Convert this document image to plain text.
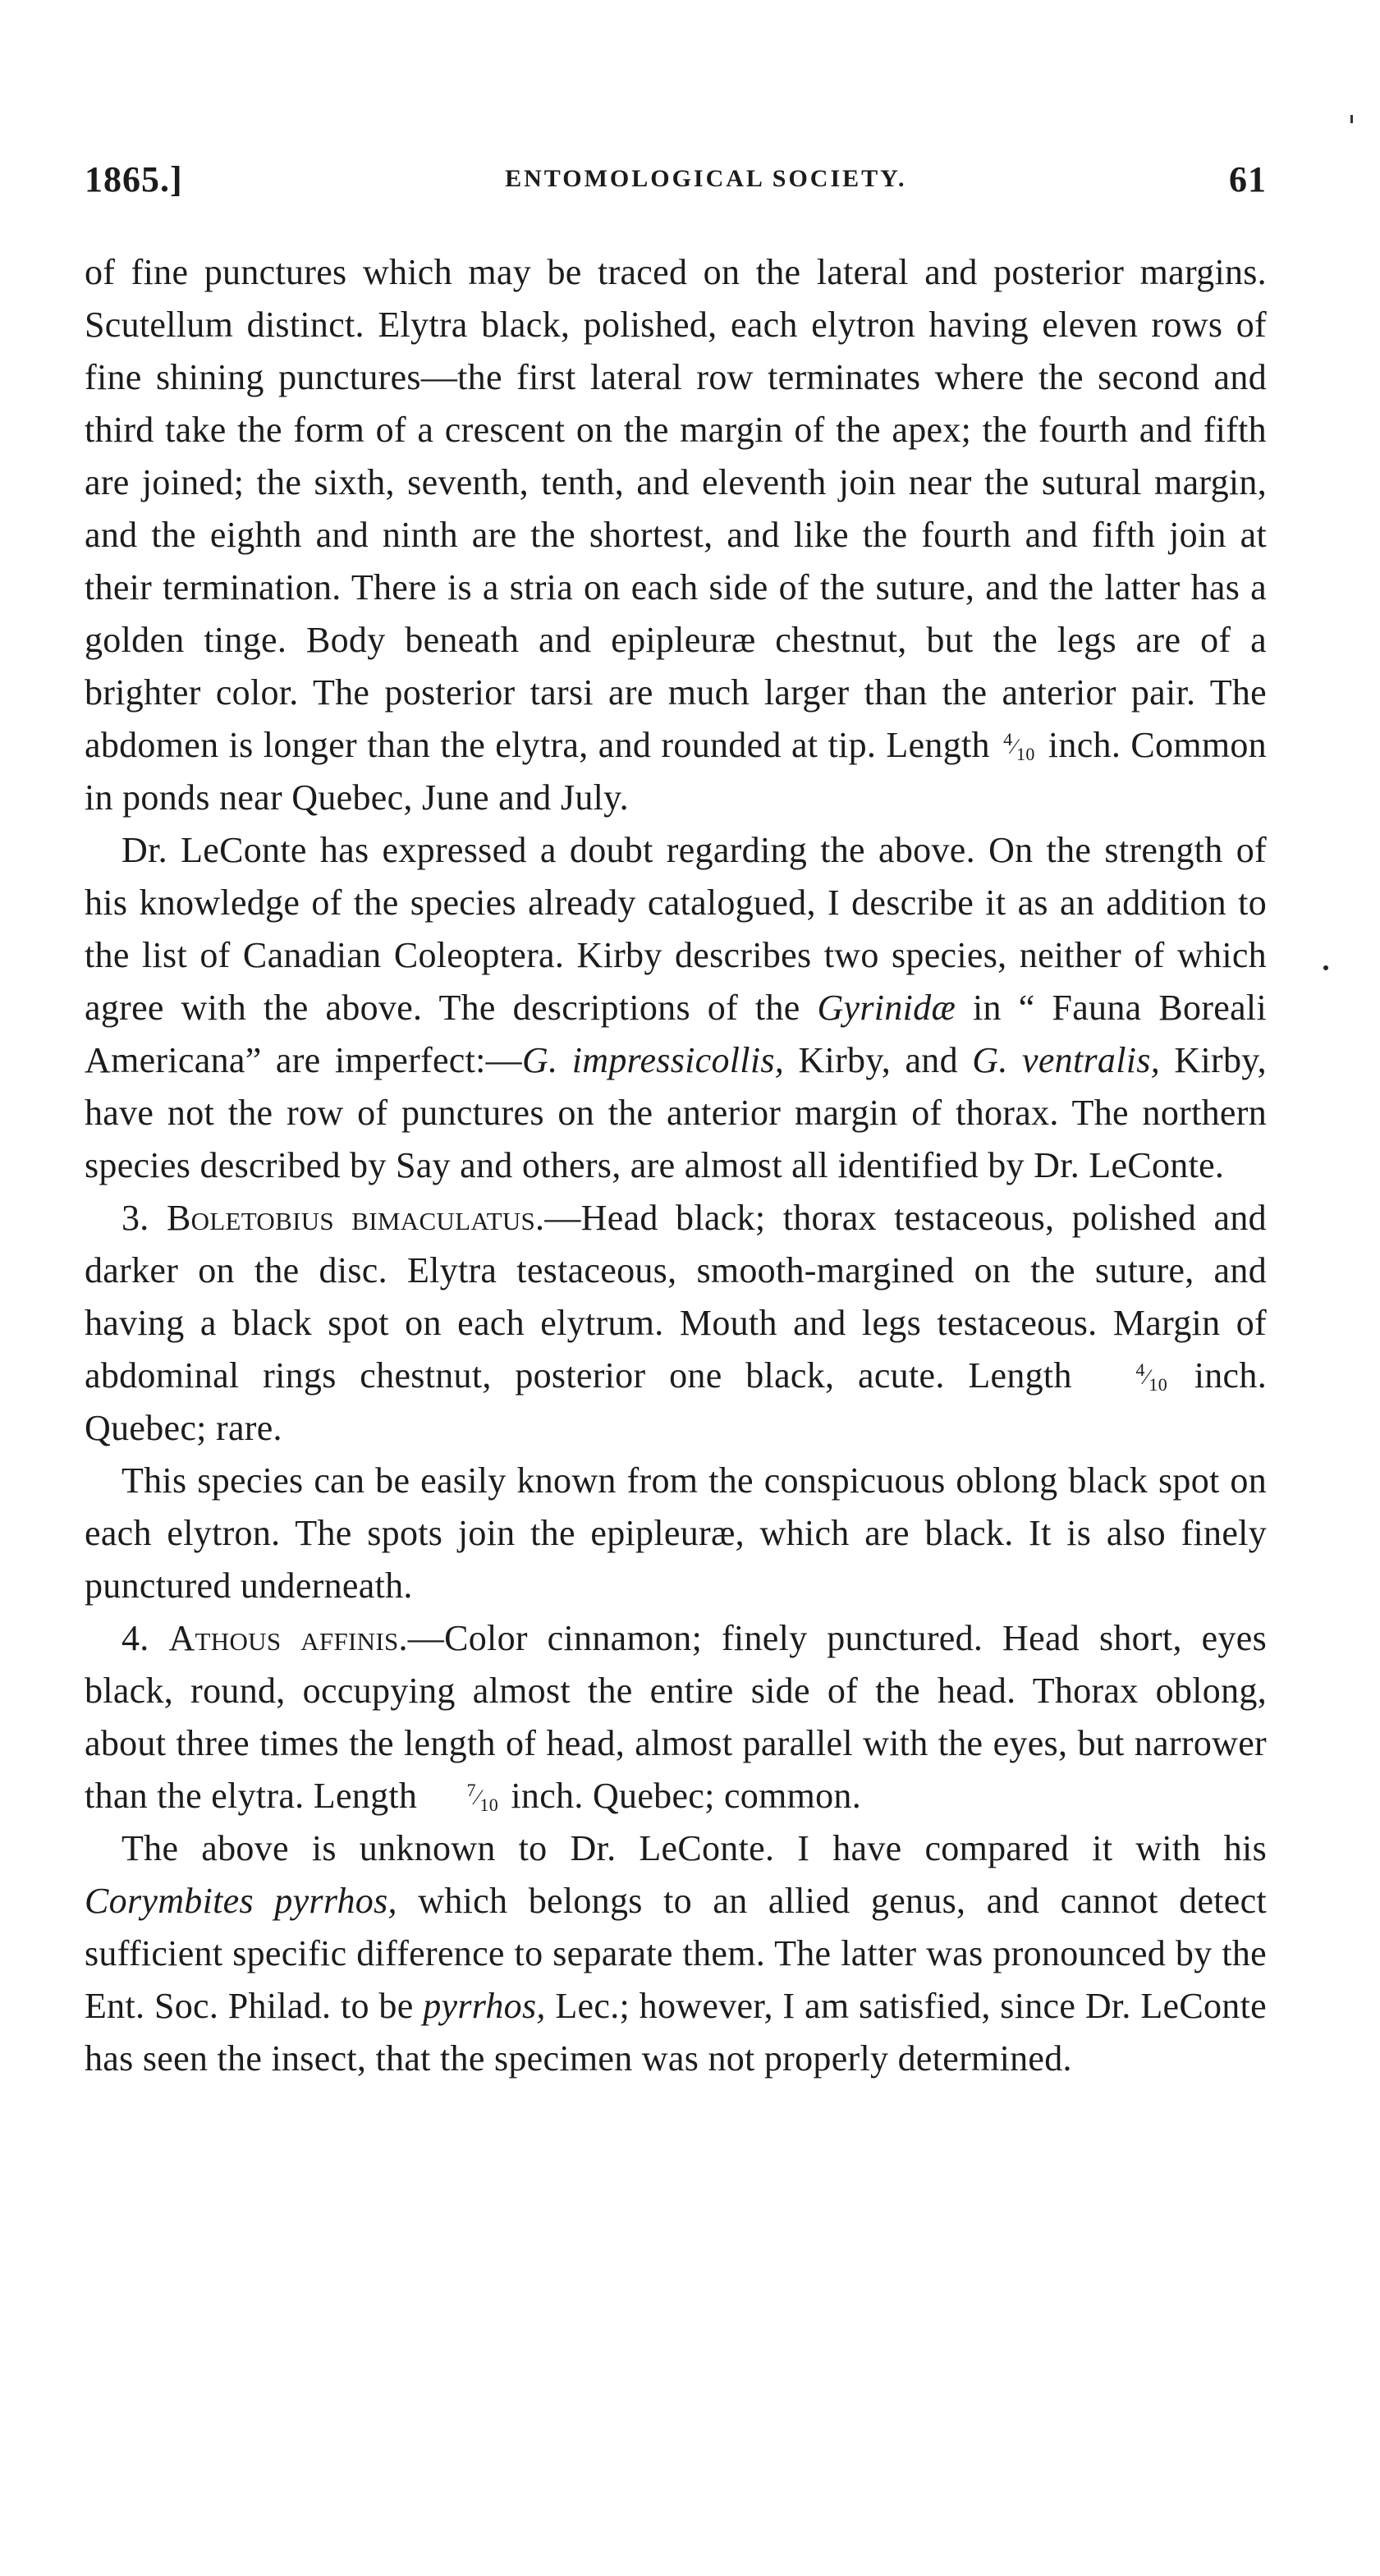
1865.]	ENTOMOLOGICAL SOCIETY.	61

of fine punctures which may be traced on the lateral and posterior margins. Scutellum distinct. Elytra black, polished, each elytron having eleven rows of fine shining punctures—the first lateral row terminates where the second and third take the form of a crescent on the margin of the apex; the fourth and fifth are joined; the sixth, seventh, tenth, and eleventh join near the sutural margin, and the eighth and ninth are the shortest, and like the fourth and fifth join at their termination. There is a stria on each side of the suture, and the latter has a golden tinge. Body beneath and epipleuræ chestnut, but the legs are of a brighter color. The posterior tarsi are much larger than the anterior pair. The abdomen is longer than the elytra, and rounded at tip. Length $^4⁄_{10}$ inch. Common in ponds near Quebec, June and July.

Dr. LeConte has expressed a doubt regarding the above. On the strength of his knowledge of the species already catalogued, I describe it as an addition to the list of Canadian Coleoptera. Kirby describes two species, neither of which agree with the above. The descriptions of the Gyrinidæ in “ Fauna Boreali Americana” are imperfect:—G. impressicollis, Kirby, and G. ventralis, Kirby, have not the row of punctures on the anterior margin of thorax. The northern species described by Say and others, are almost all identified by Dr. LeConte.

3. Boletobius bimaculatus.—Head black; thorax testaceous, polished and darker on the disc. Elytra testaceous, smooth-margined on the suture, and having a black spot on each elytrum. Mouth and legs testaceous. Margin of abdominal rings chestnut, posterior one black, acute. Length	$^4⁄_{10}$ inch. Quebec; rare.

This species can be easily known from the conspicuous oblong black spot on each elytron. The spots join the epipleuræ, which are black. It is also finely punctured underneath.

4. Athous affinis.—Color cinnamon; finely punctured. Head short, eyes black, round, occupying almost the entire side of the head. Thorax oblong, about three times the length of head, almost parallel with the eyes, but narrower than the elytra. Length	$^7⁄_{10}$ inch. Quebec; common.

The above is unknown to Dr. LeConte. I have compared it with his Corymbites pyrrhos, which belongs to an allied genus, and cannot detect sufficient specific difference to separate them. The latter was pronounced by the Ent. Soc. Philad. to be pyrrhos, Lec.; however, I am satisfied, since Dr. LeConte has seen the insect, that the specimen was not properly determined.
